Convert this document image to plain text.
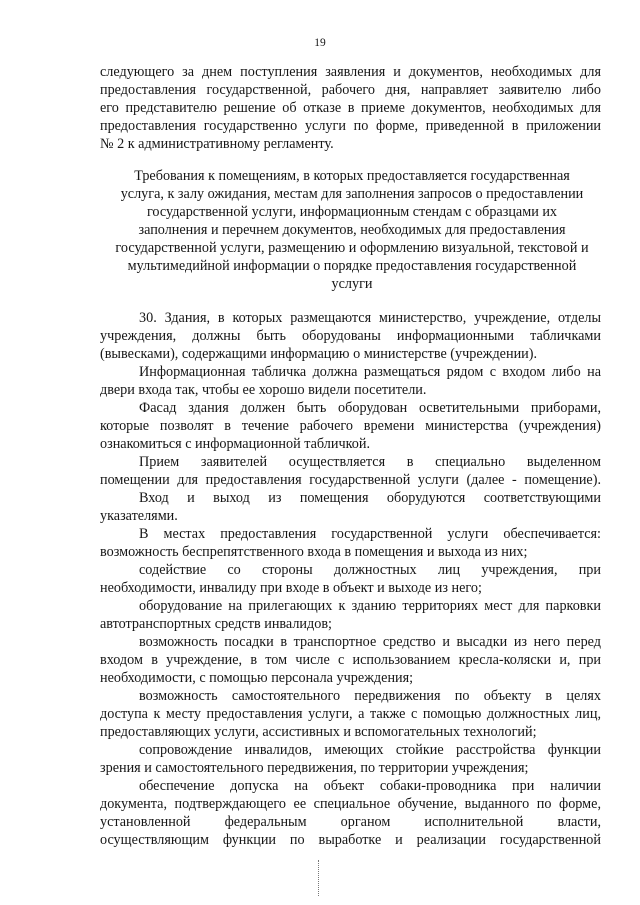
19
следующего за днем поступления заявления и документов, необходимых для
предоставления государственной, рабочего дня, направляет заявителю либо
его представителю решение об отказе в приеме документов, необходимых для
предоставления государственно услуги по форме, приведенной в приложении
№ 2 к административному регламенту.
Требования к помещениям, в которых предоставляется государственная
услуга, к залу ожидания, местам для заполнения запросов о предоставлении
государственной услуги, информационным стендам с образцами их
заполнения и перечнем документов, необходимых для предоставления
государственной услуги, размещению и оформлению визуальной, текстовой и
мультимедийной информации о порядке предоставления государственной
услуги
30. Здания, в которых размещаются министерство, учреждение, отделы
учреждения, должны быть оборудованы информационными табличками
(вывесками), содержащими информацию о министерстве (учреждении).
Информационная табличка должна размещаться рядом с входом либо на
двери входа так, чтобы ее хорошо видели посетители.
Фасад здания должен быть оборудован осветительными приборами,
которые позволят в течение рабочего времени министерства (учреждения)
ознакомиться с информационной табличкой.
Прием заявителей осуществляется в специально выделенном
помещении для предоставления государственной услуги (далее - помещение).
Вход и выход из помещения оборудуются соответствующими
указателями.
В местах предоставления государственной услуги обеспечивается:
возможность беспрепятственного входа в помещения и выхода из них;
содействие со стороны должностных лиц учреждения, при
необходимости, инвалиду при входе в объект и выходе из него;
оборудование на прилегающих к зданию территориях мест для парковки
автотранспортных средств инвалидов;
возможность посадки в транспортное средство и высадки из него перед
входом в учреждение, в том числе с использованием кресла-коляски и, при
необходимости, с помощью персонала учреждения;
возможность самостоятельного передвижения по объекту в целях
доступа к месту предоставления услуги, а также с помощью должностных лиц,
предоставляющих услуги, ассистивных и вспомогательных технологий;
сопровождение инвалидов, имеющих стойкие расстройства функции
зрения и самостоятельного передвижения, по территории учреждения;
обеспечение допуска на объект собаки-проводника при наличии
документа, подтверждающего ее специальное обучение, выданного по форме,
установленной федеральным органом исполнительной власти,
осуществляющим функции по выработке и реализации государственной
